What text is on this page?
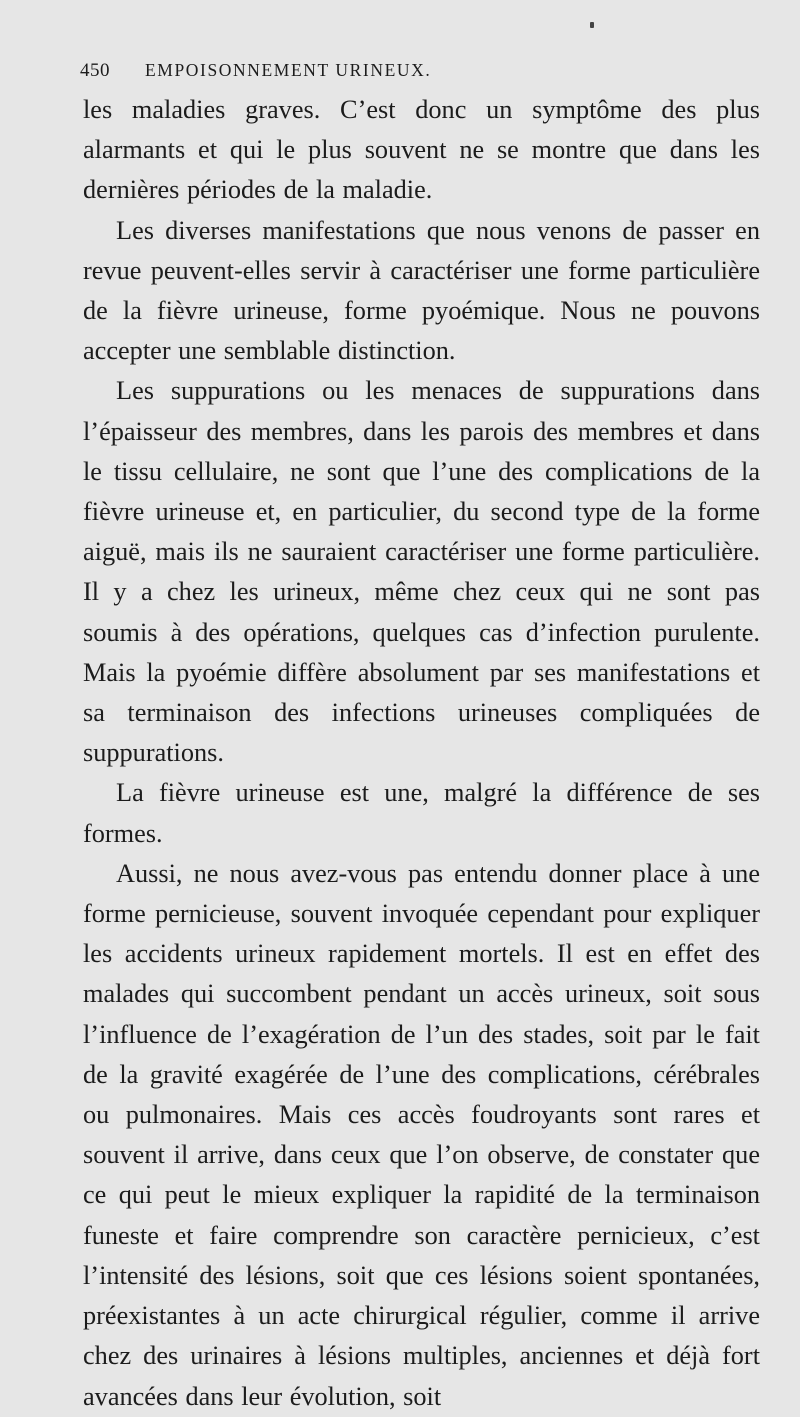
450 EMPOISONNEMENT URINEUX.

les maladies graves. C’est donc un symptôme des plus alarmants et qui le plus souvent ne se montre que dans les dernières périodes de la maladie.

Les diverses manifestations que nous venons de passer en revue peuvent-elles servir à caractériser une forme particulière de la fièvre urineuse, forme pyoémique. Nous ne pouvons accepter une semblable distinction.

Les suppurations ou les menaces de suppurations dans l’épaisseur des membres, dans les parois des membres et dans le tissu cellulaire, ne sont que l’une des complications de la fièvre urineuse et, en particulier, du second type de la forme aiguë, mais ils ne sauraient caractériser une forme particulière. Il y a chez les urineux, même chez ceux qui ne sont pas soumis à des opérations, quelques cas d’infection purulente. Mais la pyoémie diffère absolument par ses manifestations et sa terminaison des infections urineuses compliquées de suppurations.

La fièvre urineuse est une, malgré la différence de ses formes.

Aussi, ne nous avez-vous pas entendu donner place à une forme pernicieuse, souvent invoquée cependant pour expliquer les accidents urineux rapidement mortels. Il est en effet des malades qui succombent pendant un accès urineux, soit sous l’influence de l’exagération de l’un des stades, soit par le fait de la gravité exagérée de l’une des complications, cérébrales ou pulmonaires. Mais ces accès foudroyants sont rares et souvent il arrive, dans ceux que l’on observe, de constater que ce qui peut le mieux expliquer la rapidité de la terminaison funeste et faire comprendre son caractère pernicieux, c’est l’intensité des lésions, soit que ces lésions soient spontanées, préexistantes à un acte chirurgical régulier, comme il arrive chez des urinaires à lésions multiples, anciennes et déjà fort avancées dans leur évolution, soit
